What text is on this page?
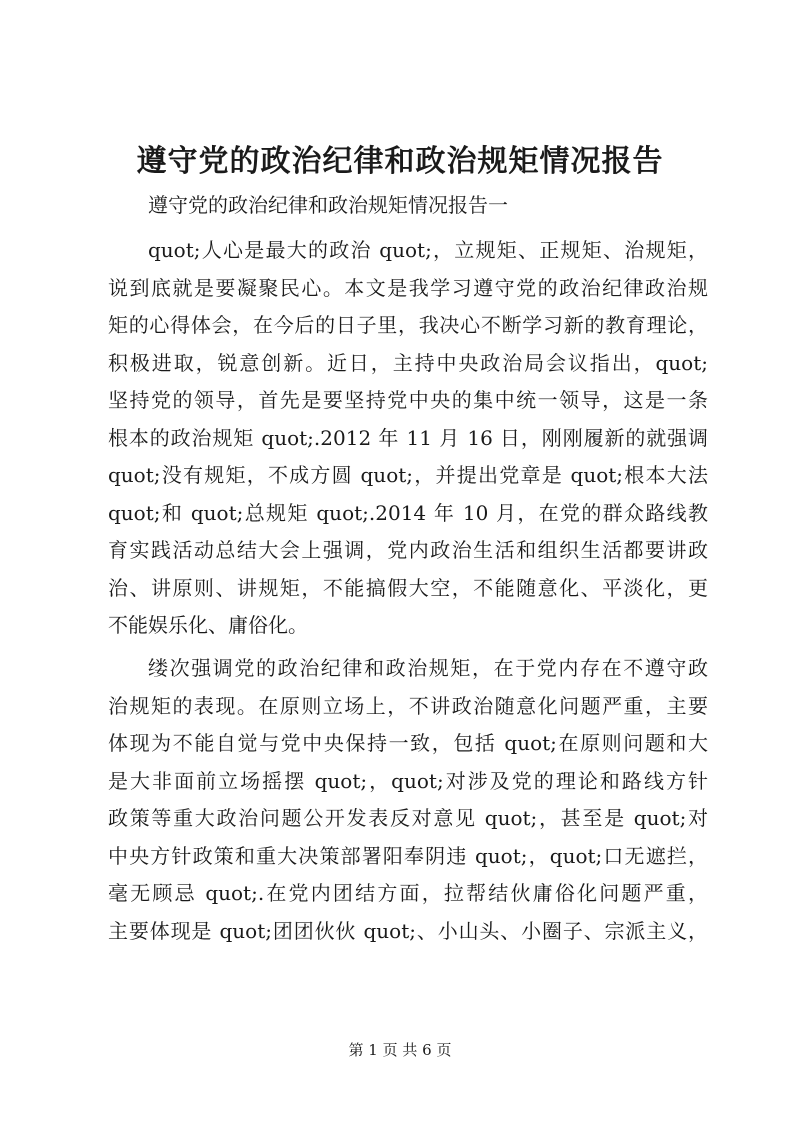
遵守党的政治纪律和政治规矩情况报告

遵守党的政治纪律和政治规矩情况报告一

quot;人心是最大的政治 quot;，立规矩、正规矩、治规矩，
说到底就是要凝聚民心。本文是我学习遵守党的政治纪律政治规
矩的心得体会，在今后的日子里，我决心不断学习新的教育理论，
积极进取，锐意创新。近日，主持中央政治局会议指出，quot;
坚持党的领导，首先是要坚持党中央的集中统一领导，这是一条
根本的政治规矩 quot;.2012 年 11 月 16 日，刚刚履新的就强调
quot;没有规矩，不成方圆 quot;，并提出党章是 quot;根本大法
quot;和 quot;总规矩 quot;.2014 年 10 月，在党的群众路线教
育实践活动总结大会上强调，党内政治生活和组织生活都要讲政
治、讲原则、讲规矩，不能搞假大空，不能随意化、平淡化，更
不能娱乐化、庸俗化。
缕次强调党的政治纪律和政治规矩，在于党内存在不遵守政
治规矩的表现。在原则立场上，不讲政治随意化问题严重，主要
体现为不能自觉与党中央保持一致，包括 quot;在原则问题和大
是大非面前立场摇摆 quot;，quot;对涉及党的理论和路线方针
政策等重大政治问题公开发表反对意见 quot;，甚至是 quot;对
中央方针政策和重大决策部署阳奉阴违 quot;，quot;口无遮拦，
毫无顾忌 quot;.在党内团结方面，拉帮结伙庸俗化问题严重，
主要体现是 quot;团团伙伙 quot;、小山头、小圈子、宗派主义，

第 1 页 共 6 页
